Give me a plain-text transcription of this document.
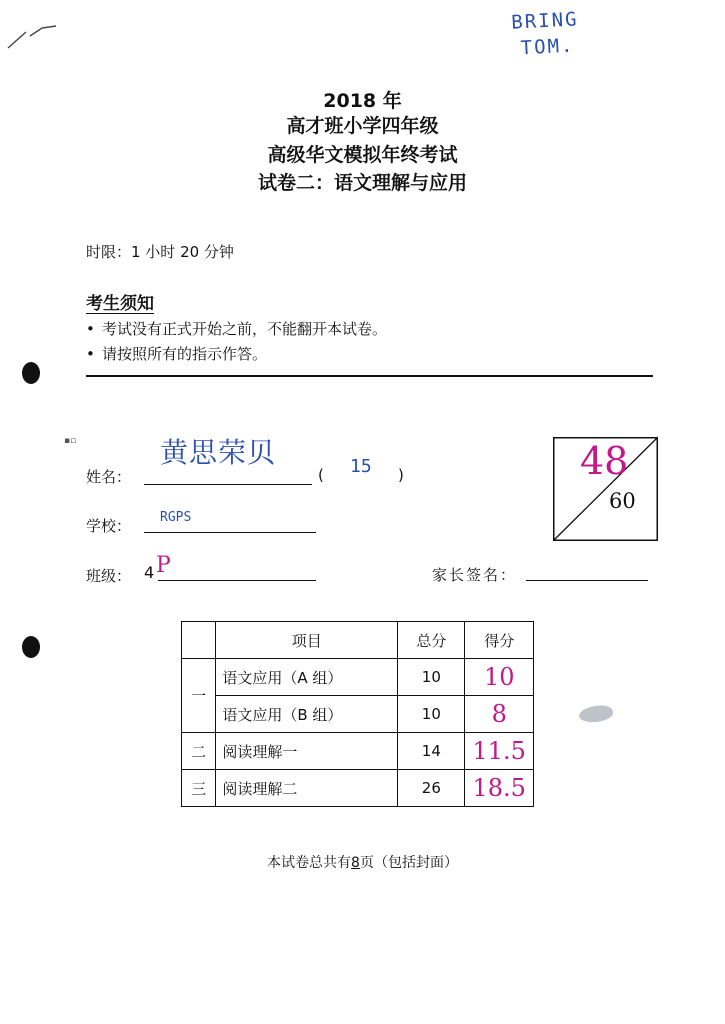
BRING
TOM.
2018 年
高才班小学四年级
高级华文模拟年终考试
试卷二：语文理解与应用
时限：1 小时 20 分钟
考生须知
• 考试没有正式开始之前，不能翻开本试卷。
• 请按照所有的指示作答。
▪▫
姓名：
黄思荣贝
( 15 )
学校： RGPS
班级： 4 P	家长签名：
48
60
	项目	总分	得分
一	语文应用（A 组）	10	10
	语文应用（B 组）	10	8
二	阅读理解一	14	11.5
三	阅读理解二	26	18.5
本试卷总共有8页（包括封面）
